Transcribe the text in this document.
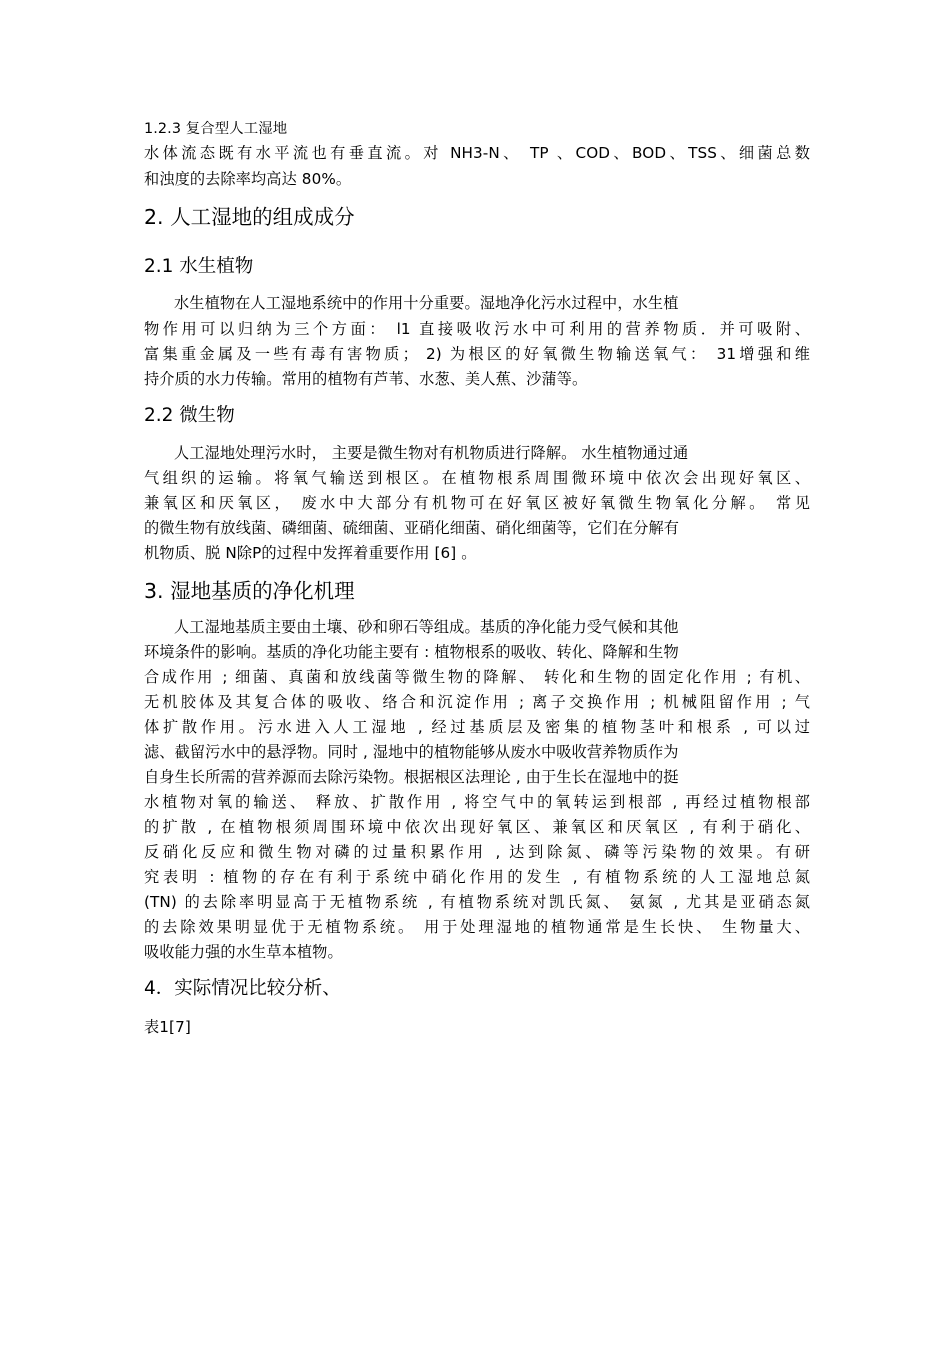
1.2.3 复合型人工湿地
水体流态既有水平流也有垂直流。对 NH3-N、 TP 、COD、BOD、TSS、细菌总数
和浊度的去除率均高达 80%。
2. 人工湿地的组成成分
2.1 水生植物
水生植物在人工湿地系统中的作用十分重要。湿地净化污水过程中，水生植
物作用可以归纳为三个方面： l1 直接吸收污水中可利用的营养物质．并可吸附、
富集重金属及一些有毒有害物质； 2) 为根区的好氧微生物输送氧气： 31增强和维
持介质的水力传输。常用的植物有芦苇、水葱、美人蕉、沙蒲等。
2.2 微生物
人工湿地处理污水时， 主要是微生物对有机物质进行降解。 水生植物通过通
气组织的运输。将氧气输送到根区。在植物根系周围微环境中依次会出现好氧区、
兼氧区和厌氧区， 废水中大部分有机物可在好氧区被好氧微生物氧化分解。 常见
的微生物有放线菌、磷细菌、硫细菌、亚硝化细菌、硝化细菌等，它们在分解有
机物质、脱 N除P的过程中发挥着重要作用 [6] 。
3. 湿地基质的净化机理
人工湿地基质主要由土壤、砂和卵石等组成。基质的净化能力受气候和其他
环境条件的影响。基质的净化功能主要有 : 植物根系的吸收、转化、降解和生物
合成作用 ; 细菌、真菌和放线菌等微生物的降解、 转化和生物的固定化作用 ; 有机、
无机胶体及其复合体的吸收、络合和沉淀作用 ; 离子交换作用 ; 机械阻留作用 ; 气
体扩散作用。污水进入人工湿地 , 经过基质层及密集的植物茎叶和根系 , 可以过
滤、截留污水中的悬浮物。同时 , 湿地中的植物能够从废水中吸收营养物质作为
自身生长所需的营养源而去除污染物。根据根区法理论 , 由于生长在湿地中的挺
水植物对氧的输送、 释放、扩散作用 , 将空气中的氧转运到根部 , 再经过植物根部
的扩散 , 在植物根须周围环境中依次出现好氧区、兼氧区和厌氧区 , 有利于硝化、
反硝化反应和微生物对磷的过量积累作用 , 达到除氮、磷等污染物的效果。有研
究表明 : 植物的存在有利于系统中硝化作用的发生 , 有植物系统的人工湿地总氮
(TN) 的去除率明显高于无植物系统 , 有植物系统对凯氏氮、 氨氮 , 尤其是亚硝态氮
的去除效果明显优于无植物系统。 用于处理湿地的植物通常是生长快、 生物量大、
吸收能力强的水生草本植物。
4．实际情况比较分析、
表1[7]
